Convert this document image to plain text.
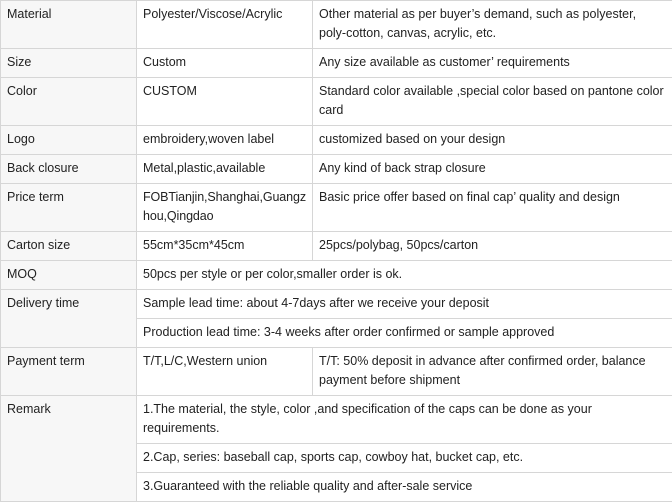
Material	Polyester/Viscose/Acrylic	Other material as per buyer’s demand, such as polyester, poly-cotton, canvas, acrylic, etc.
Size	Custom	Any size available as customer’ requirements
Color	CUSTOM	Standard color available ,special color based on pantone color card
Logo	embroidery,woven label	customized based on your design
Back closure	Metal,plastic,available	Any kind of back strap closure
Price term	FOBTianjin,Shanghai,Guangzhou,Qingdao	Basic price offer based on final cap’ quality and design
Carton size	55cm*35cm*45cm	25pcs/polybag, 50pcs/carton
MOQ	50pcs per style or per color,smaller order is ok.	
Delivery time	Sample lead time: about 4-7days after we receive your deposit	
	Production lead time: 3-4 weeks after order confirmed or sample approved	
Payment term	T/T,L/C,Western union	T/T: 50% deposit in advance after confirmed order, balance payment before shipment
Remark	1.The material, the style, color ,and specification of the caps can be done as your requirements.	
	2.Cap, series: baseball cap, sports cap, cowboy hat, bucket cap, etc.	
	3.Guaranteed with the reliable quality and after-sale service	
